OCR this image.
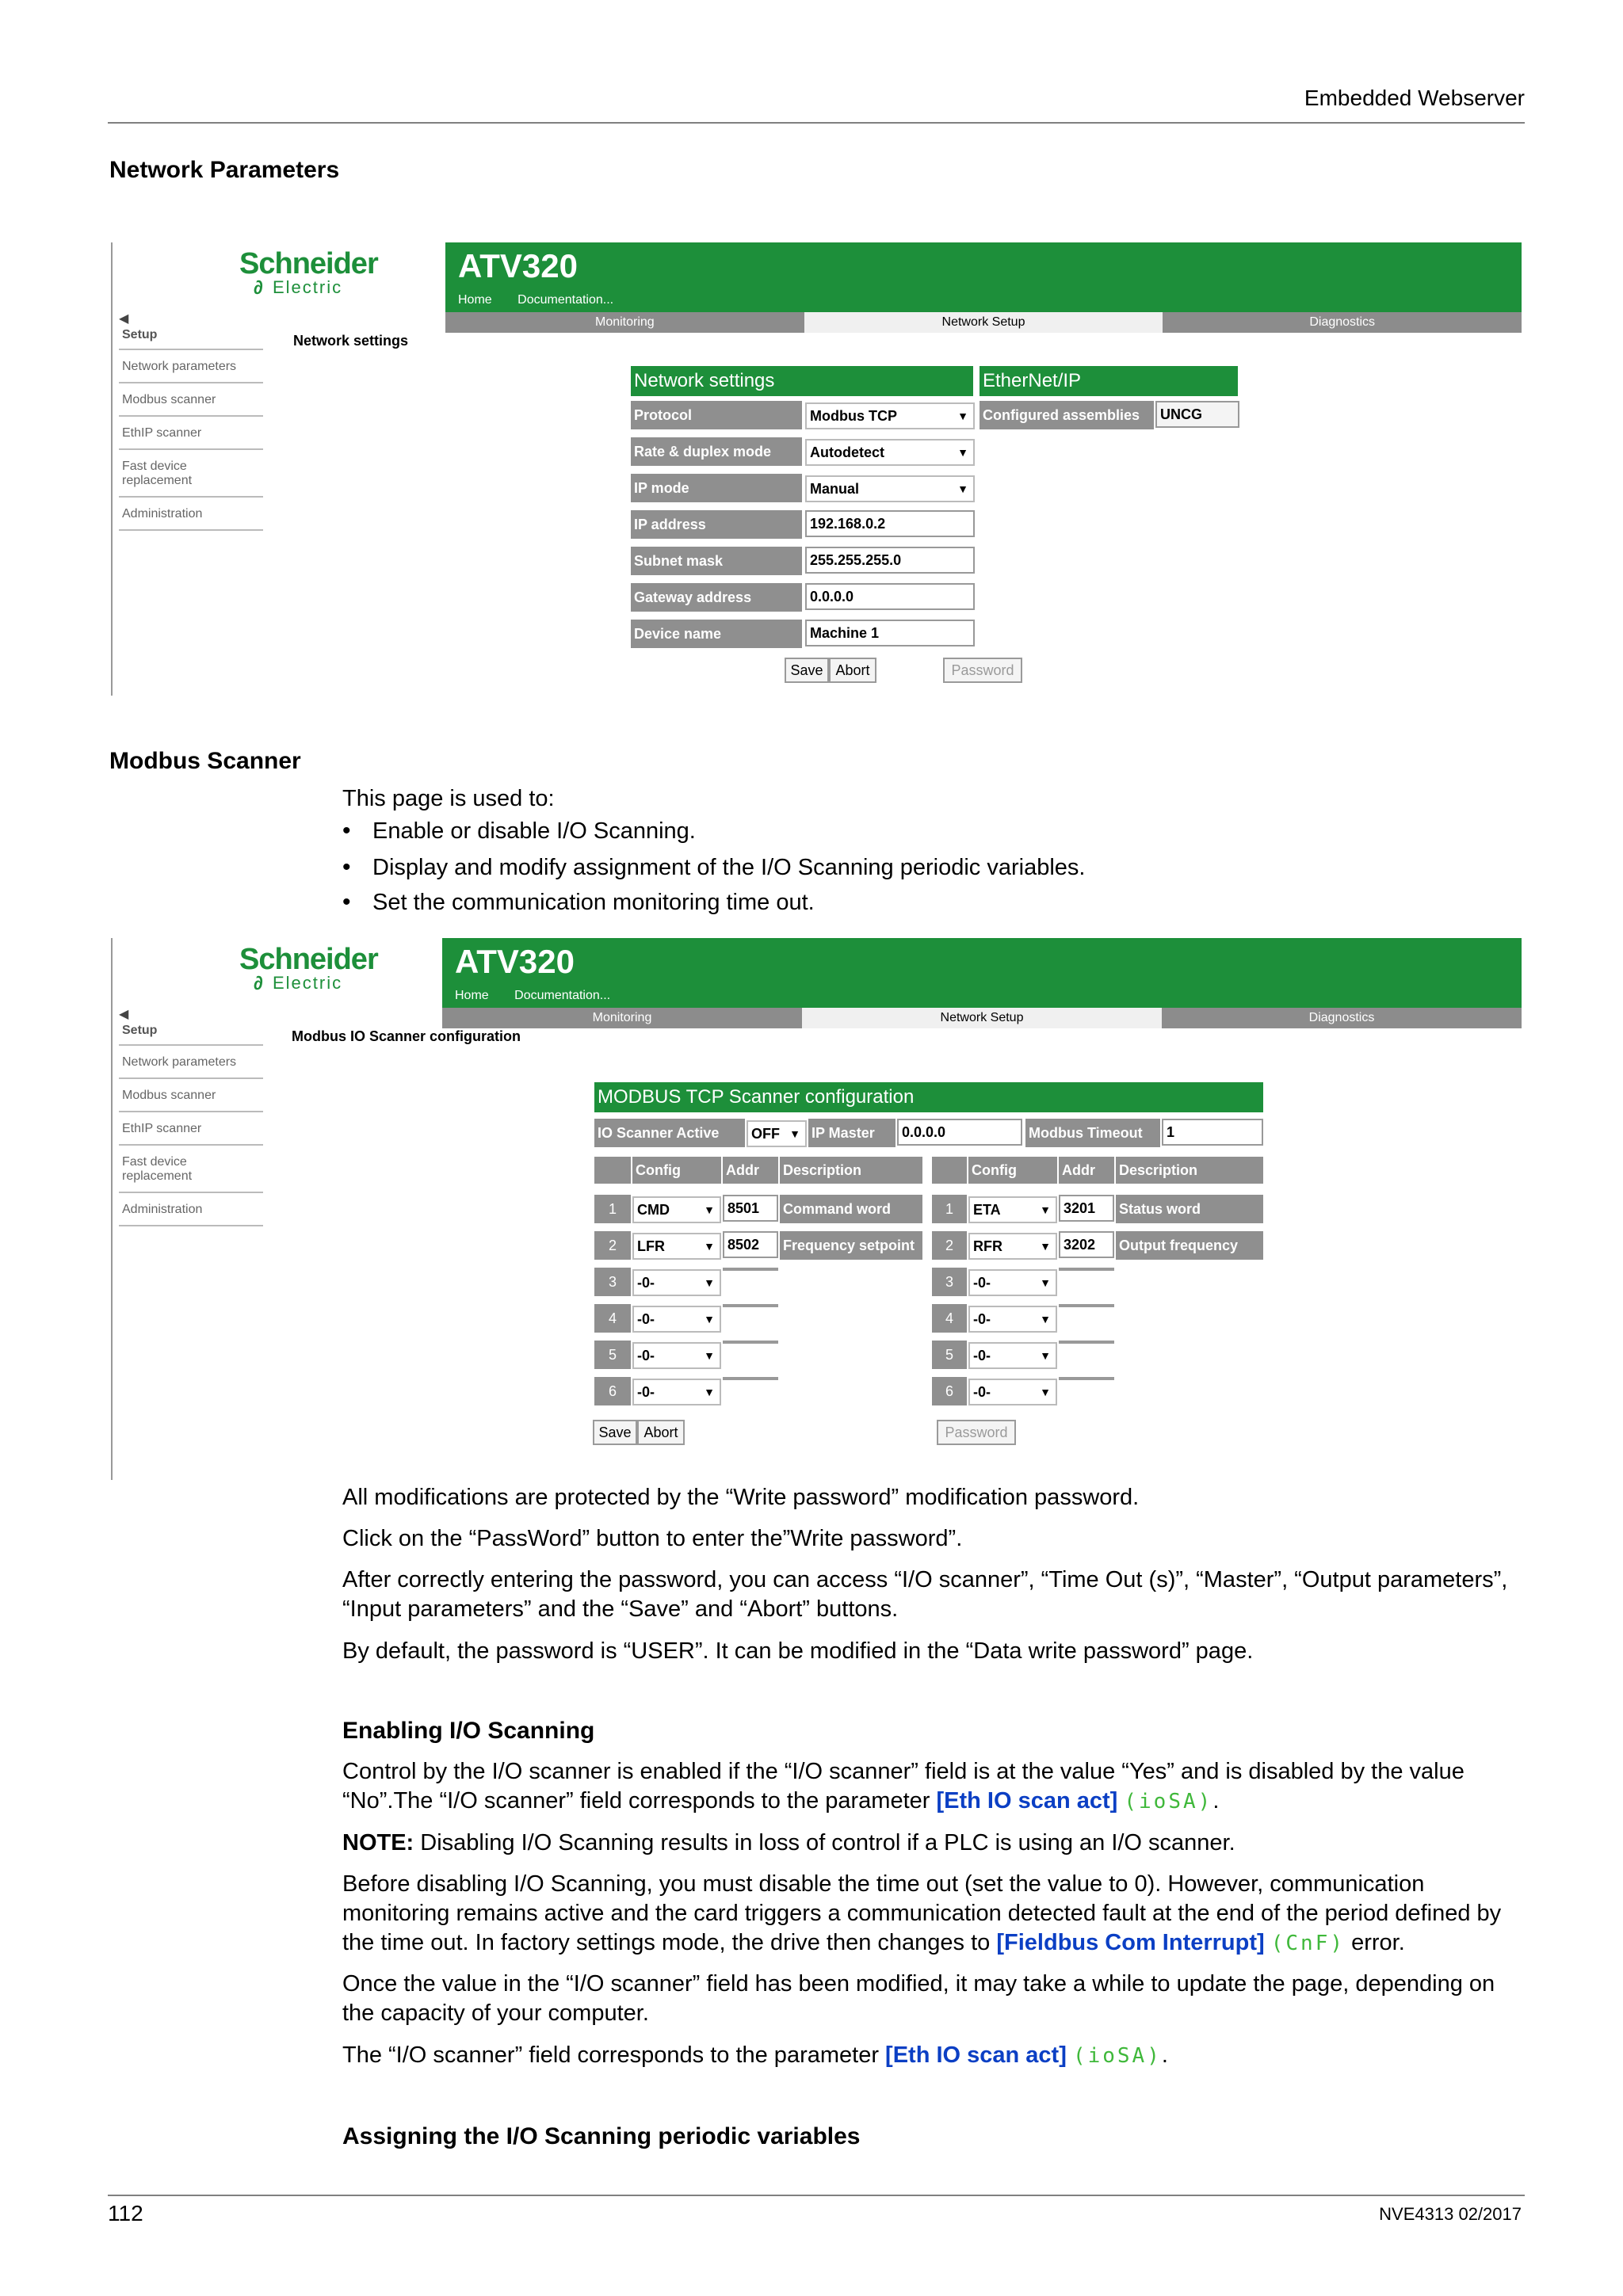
Embedded Webserver
Network Parameters
Schneider
∂ Electric
ATV320
Home Documentation...
Monitoring	Network Setup	Diagnostics
◀
Setup
Network parameters
Modbus scanner
EthIP scanner
Fast device replacement
Administration
Network settings
Network settings	EtherNet/IP
Protocol	Modbus TCP	▼
Rate & duplex mode	Autodetect	▼
IP mode	Manual	▼
IP address	192.168.0.2
Subnet mask	255.255.255.0
Gateway address	0.0.0.0
Device name	Machine 1
Configured assemblies	UNCG
Save Abort	Password
Modbus Scanner
This page is used to:
• Enable or disable I/O Scanning.
• Display and modify assignment of the I/O Scanning periodic variables.
• Set the communication monitoring time out.
Schneider
∂ Electric
ATV320
Home Documentation...
Monitoring	Network Setup	Diagnostics
◀
Setup
Network parameters
Modbus scanner
EthIP scanner
Fast device replacement
Administration
Modbus IO Scanner configuration
MODBUS TCP Scanner configuration
IO Scanner Active	OFF ▼ IP Master	0.0.0.0	Modbus Timeout	1
Config	Addr	Description	Config	Addr	Description
1	CMD	▼ 8501	Command word
2	LFR	▼ 8502	Frequency setpoint
3	-0-	▼
4	-0-	▼
5	-0-	▼
6	-0-	▼
1	ETA	▼ 3201	Status word
2	RFR	▼ 3202	Output frequency
3	-0-	▼
4	-0-	▼
5	-0-	▼
6	-0-	▼
Save Abort	Password
All modifications are protected by the “Write password” modification password.
Click on the “PassWord” button to enter the”Write password”.
After correctly entering the password, you can access “I/O scanner”, “Time Out (s)”, “Master”, “Output parameters”, “Input parameters” and the “Save” and “Abort” buttons.
By default, the password is “USER”. It can be modified in the “Data write password” page.
Enabling I/O Scanning
Control by the I/O scanner is enabled if the “I/O scanner” field is at the value “Yes” and is disabled by the value “No”.The “I/O scanner” field corresponds to the parameter [Eth IO scan act] (ioSA).
NOTE: Disabling I/O Scanning results in loss of control if a PLC is using an I/O scanner.
Before disabling I/O Scanning, you must disable the time out (set the value to 0). However, communication monitoring remains active and the card triggers a communication detected fault at the end of the period defined by the time out. In factory settings mode, the drive then changes to [Fieldbus Com Interrupt] (CnF) error.
Once the value in the “I/O scanner” field has been modified, it may take a while to update the page, depending on the capacity of your computer.
The “I/O scanner” field corresponds to the parameter [Eth IO scan act] (ioSA).
Assigning the I/O Scanning periodic variables
112	NVE4313 02/2017
